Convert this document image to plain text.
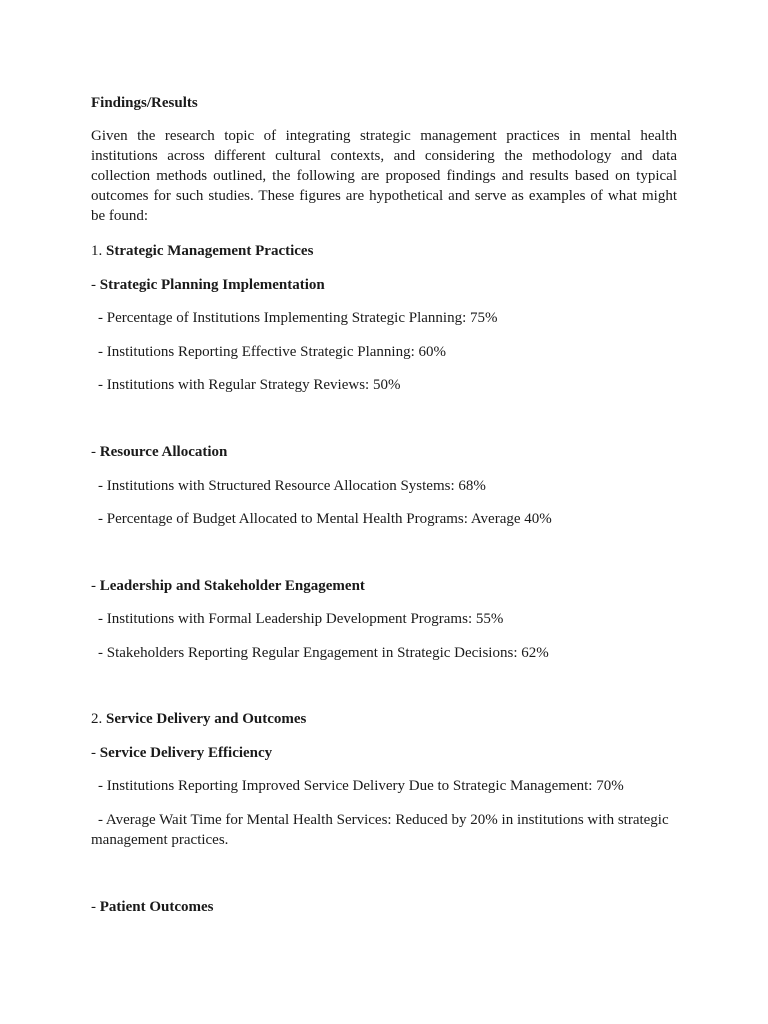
Findings/Results
Given the research topic of integrating strategic management practices in mental health institutions across different cultural contexts, and considering the methodology and data collection methods outlined, the following are proposed findings and results based on typical outcomes for such studies. These figures are hypothetical and serve as examples of what might be found:
1. Strategic Management Practices
- Strategic Planning Implementation
- Percentage of Institutions Implementing Strategic Planning: 75%
- Institutions Reporting Effective Strategic Planning: 60%
- Institutions with Regular Strategy Reviews: 50%
- Resource Allocation
- Institutions with Structured Resource Allocation Systems: 68%
- Percentage of Budget Allocated to Mental Health Programs: Average 40%
- Leadership and Stakeholder Engagement
- Institutions with Formal Leadership Development Programs: 55%
- Stakeholders Reporting Regular Engagement in Strategic Decisions: 62%
2. Service Delivery and Outcomes
- Service Delivery Efficiency
- Institutions Reporting Improved Service Delivery Due to Strategic Management: 70%
- Average Wait Time for Mental Health Services: Reduced by 20% in institutions with strategic management practices.
- Patient Outcomes
